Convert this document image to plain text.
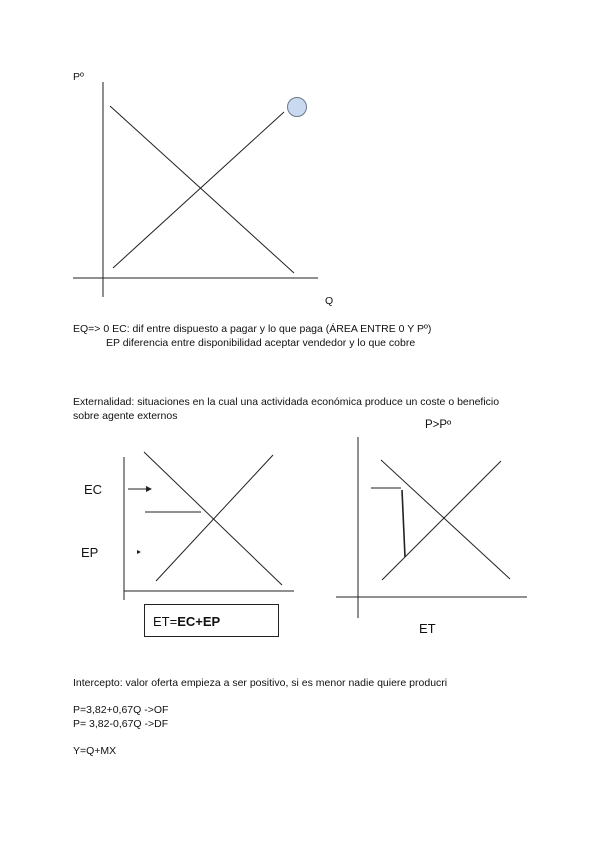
Pº
Q
EQ=> 0 EC: dif entre dispuesto a pagar y lo que paga (ÁREA ENTRE 0 Y Pº)
EP diferencia entre disponibilidad aceptar vendedor y lo que cobre
Externalidad: situaciones en la cual una actividada económica produce un coste o beneficio
sobre agente externos
EC
EP
ET=EC+EP
P>Pº
ET
Intercepto: valor oferta empieza a ser positivo, si es menor nadie quiere producri
P=3,82+0,67Q ->OF
P= 3,82-0,67Q ->DF
Y=Q+MX
